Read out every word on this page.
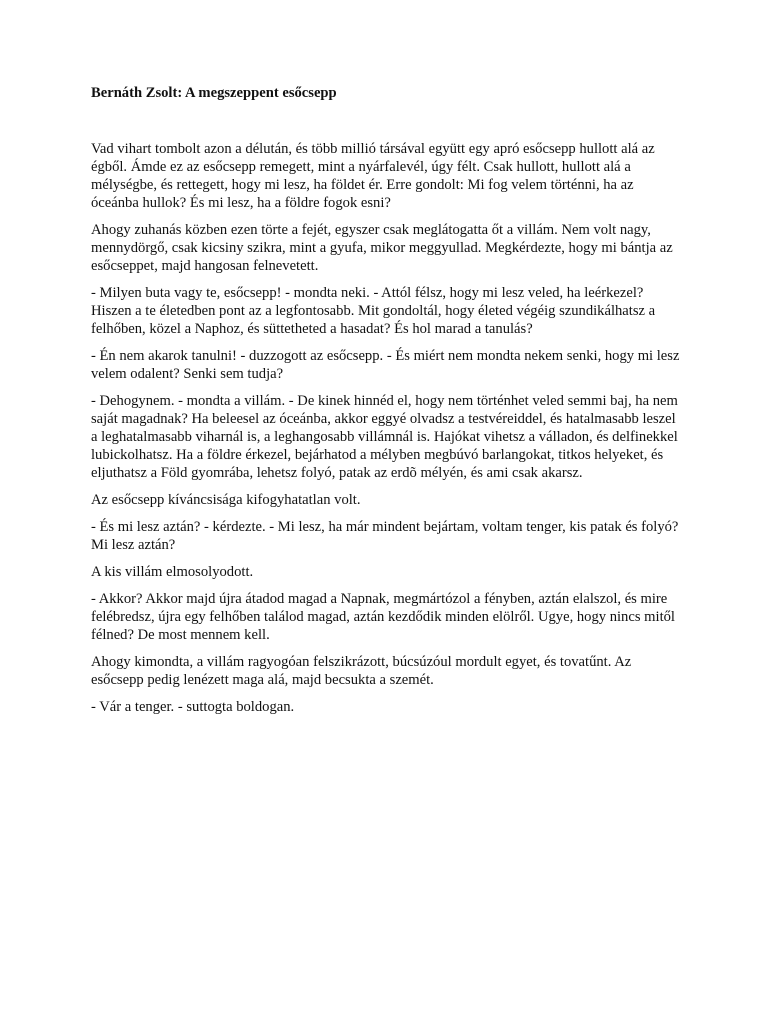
Bernáth Zsolt: A megszeppent esőcsepp

Vad vihart tombolt azon a délután, és több millió társával együtt egy apró esőcsepp hullott alá az égből. Ámde ez az esőcsepp remegett, mint a nyárfalevél, úgy félt. Csak hullott, hullott alá a mélységbe, és rettegett, hogy mi lesz, ha földet ér. Erre gondolt: Mi fog velem történni, ha az óceánba hullok? És mi lesz, ha a földre fogok esni?

Ahogy zuhanás közben ezen törte a fejét, egyszer csak meglátogatta őt a villám. Nem volt nagy, mennydörgő, csak kicsiny szikra, mint a gyufa, mikor meggyullad. Megkérdezte, hogy mi bántja az esőcseppet, majd hangosan felnevetett.

- Milyen buta vagy te, esőcsepp! - mondta neki. - Attól félsz, hogy mi lesz veled, ha leérkezel? Hiszen a te életedben pont az a legfontosabb. Mit gondoltál, hogy életed végéig szundikálhatsz a felhőben, közel a Naphoz, és süttetheted a hasadat? És hol marad a tanulás?

- Én nem akarok tanulni! - duzzogott az esőcsepp. - És miért nem mondta nekem senki, hogy mi lesz velem odalent? Senki sem tudja?

- Dehogynem. - mondta a villám. - De kinek hinnéd el, hogy nem történhet veled semmi baj, ha nem saját magadnak? Ha beleesel az óceánba, akkor eggyé olvadsz a testvéreiddel, és hatalmasabb leszel a leghatalmasabb viharnál is, a leghangosabb villámnál is. Hajókat vihetsz a válladon, és delfinekkel lubickolhatsz. Ha a földre érkezel, bejárhatod a mélyben megbúvó barlangokat, titkos helyeket, és eljuthatsz a Föld gyomrába, lehetsz folyó, patak az erdõ mélyén, és ami csak akarsz.

Az esőcsepp kíváncsisága kifogyhatatlan volt.

- És mi lesz aztán? - kérdezte. - Mi lesz, ha már mindent bejártam, voltam tenger, kis patak és folyó? Mi lesz aztán?

A kis villám elmosolyodott.

- Akkor? Akkor majd újra átadod magad a Napnak, megmártózol a fényben, aztán elalszol, és mire felébredsz, újra egy felhőben találod magad, aztán kezdődik minden elölről. Ugye, hogy nincs mitől félned? De most mennem kell.

Ahogy kimondta, a villám ragyogóan felszikrázott, búcsúzóul mordult egyet, és tovatűnt. Az esőcsepp pedig lenézett maga alá, majd becsukta a szemét.

- Vár a tenger. - suttogta boldogan.
